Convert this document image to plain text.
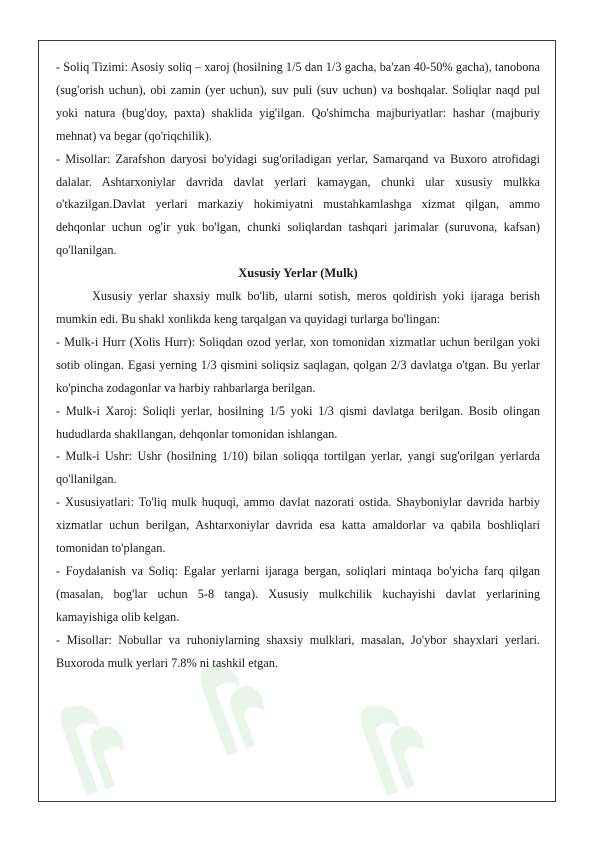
- Soliq Tizimi: Asosiy soliq – xaroj (hosilning 1/5 dan 1/3 gacha, ba'zan 40-50% gacha), tanobona (sug'orish uchun), obi zamin (yer uchun), suv puli (suv uchun) va boshqalar. Soliqlar naqd pul yoki natura (bug'doy, paxta) shaklida yig'ilgan. Qo'shimcha majburiyatlar: hashar (majburiy mehnat) va begar (qo'riqchilik).

- Misollar: Zarafshon daryosi bo'yidagi sug'oriladigan yerlar, Samarqand va Buxoro atrofidagi dalalar. Ashtarxoniylar davrida davlat yerlari kamaygan, chunki ular xususiy mulkka o'tkazilgan.Davlat yerlari markaziy hokimiyatni mustahkamlashga xizmat qilgan, ammo dehqonlar uchun og'ir yuk bo'lgan, chunki soliqlardan tashqari jarimalar (suruvona, kafsan) qo'llanilgan.

Xususiy Yerlar (Mulk)

Xususiy yerlar shaxsiy mulk bo'lib, ularni sotish, meros qoldirish yoki ijaraga berish mumkin edi. Bu shakl xonlikda keng tarqalgan va quyidagi turlarga bo'lingan:

- Mulk-i Hurr (Xolis Hurr): Soliqdan ozod yerlar, xon tomonidan xizmatlar uchun berilgan yoki sotib olingan. Egasi yerning 1/3 qismini soliqsiz saqlagan, qolgan 2/3 davlatga o'tgan. Bu yerlar ko'pincha zodagonlar va harbiy rahbarlarga berilgan.

- Mulk-i Xaroj: Soliqli yerlar, hosilning 1/5 yoki 1/3 qismi davlatga berilgan. Bosib olingan hududlarda shakllangan, dehqonlar tomonidan ishlangan.

- Mulk-i Ushr: Ushr (hosilning 1/10) bilan soliqqa tortilgan yerlar, yangi sug'orilgan yerlarda qo'llanilgan.

- Xususiyatlari: To'liq mulk huquqi, ammo davlat nazorati ostida. Shayboniylar davrida harbiy xizmatlar uchun berilgan, Ashtarxoniylar davrida esa katta amaldorlar va qabila boshliqlari tomonidan to'plangan.

- Foydalanish va Soliq: Egalar yerlarni ijaraga bergan, soliqlari mintaqa bo'yicha farq qilgan (masalan, bog'lar uchun 5-8 tanga). Xususiy mulkchilik kuchayishi davlat yerlarining kamayishiga olib kelgan.

- Misollar: Nobullar va ruhoniylarning shaxsiy mulklari, masalan, Jo'ybor shayxlari yerlari. Buxoroda mulk yerlari 7.8% ni tashkil etgan.
